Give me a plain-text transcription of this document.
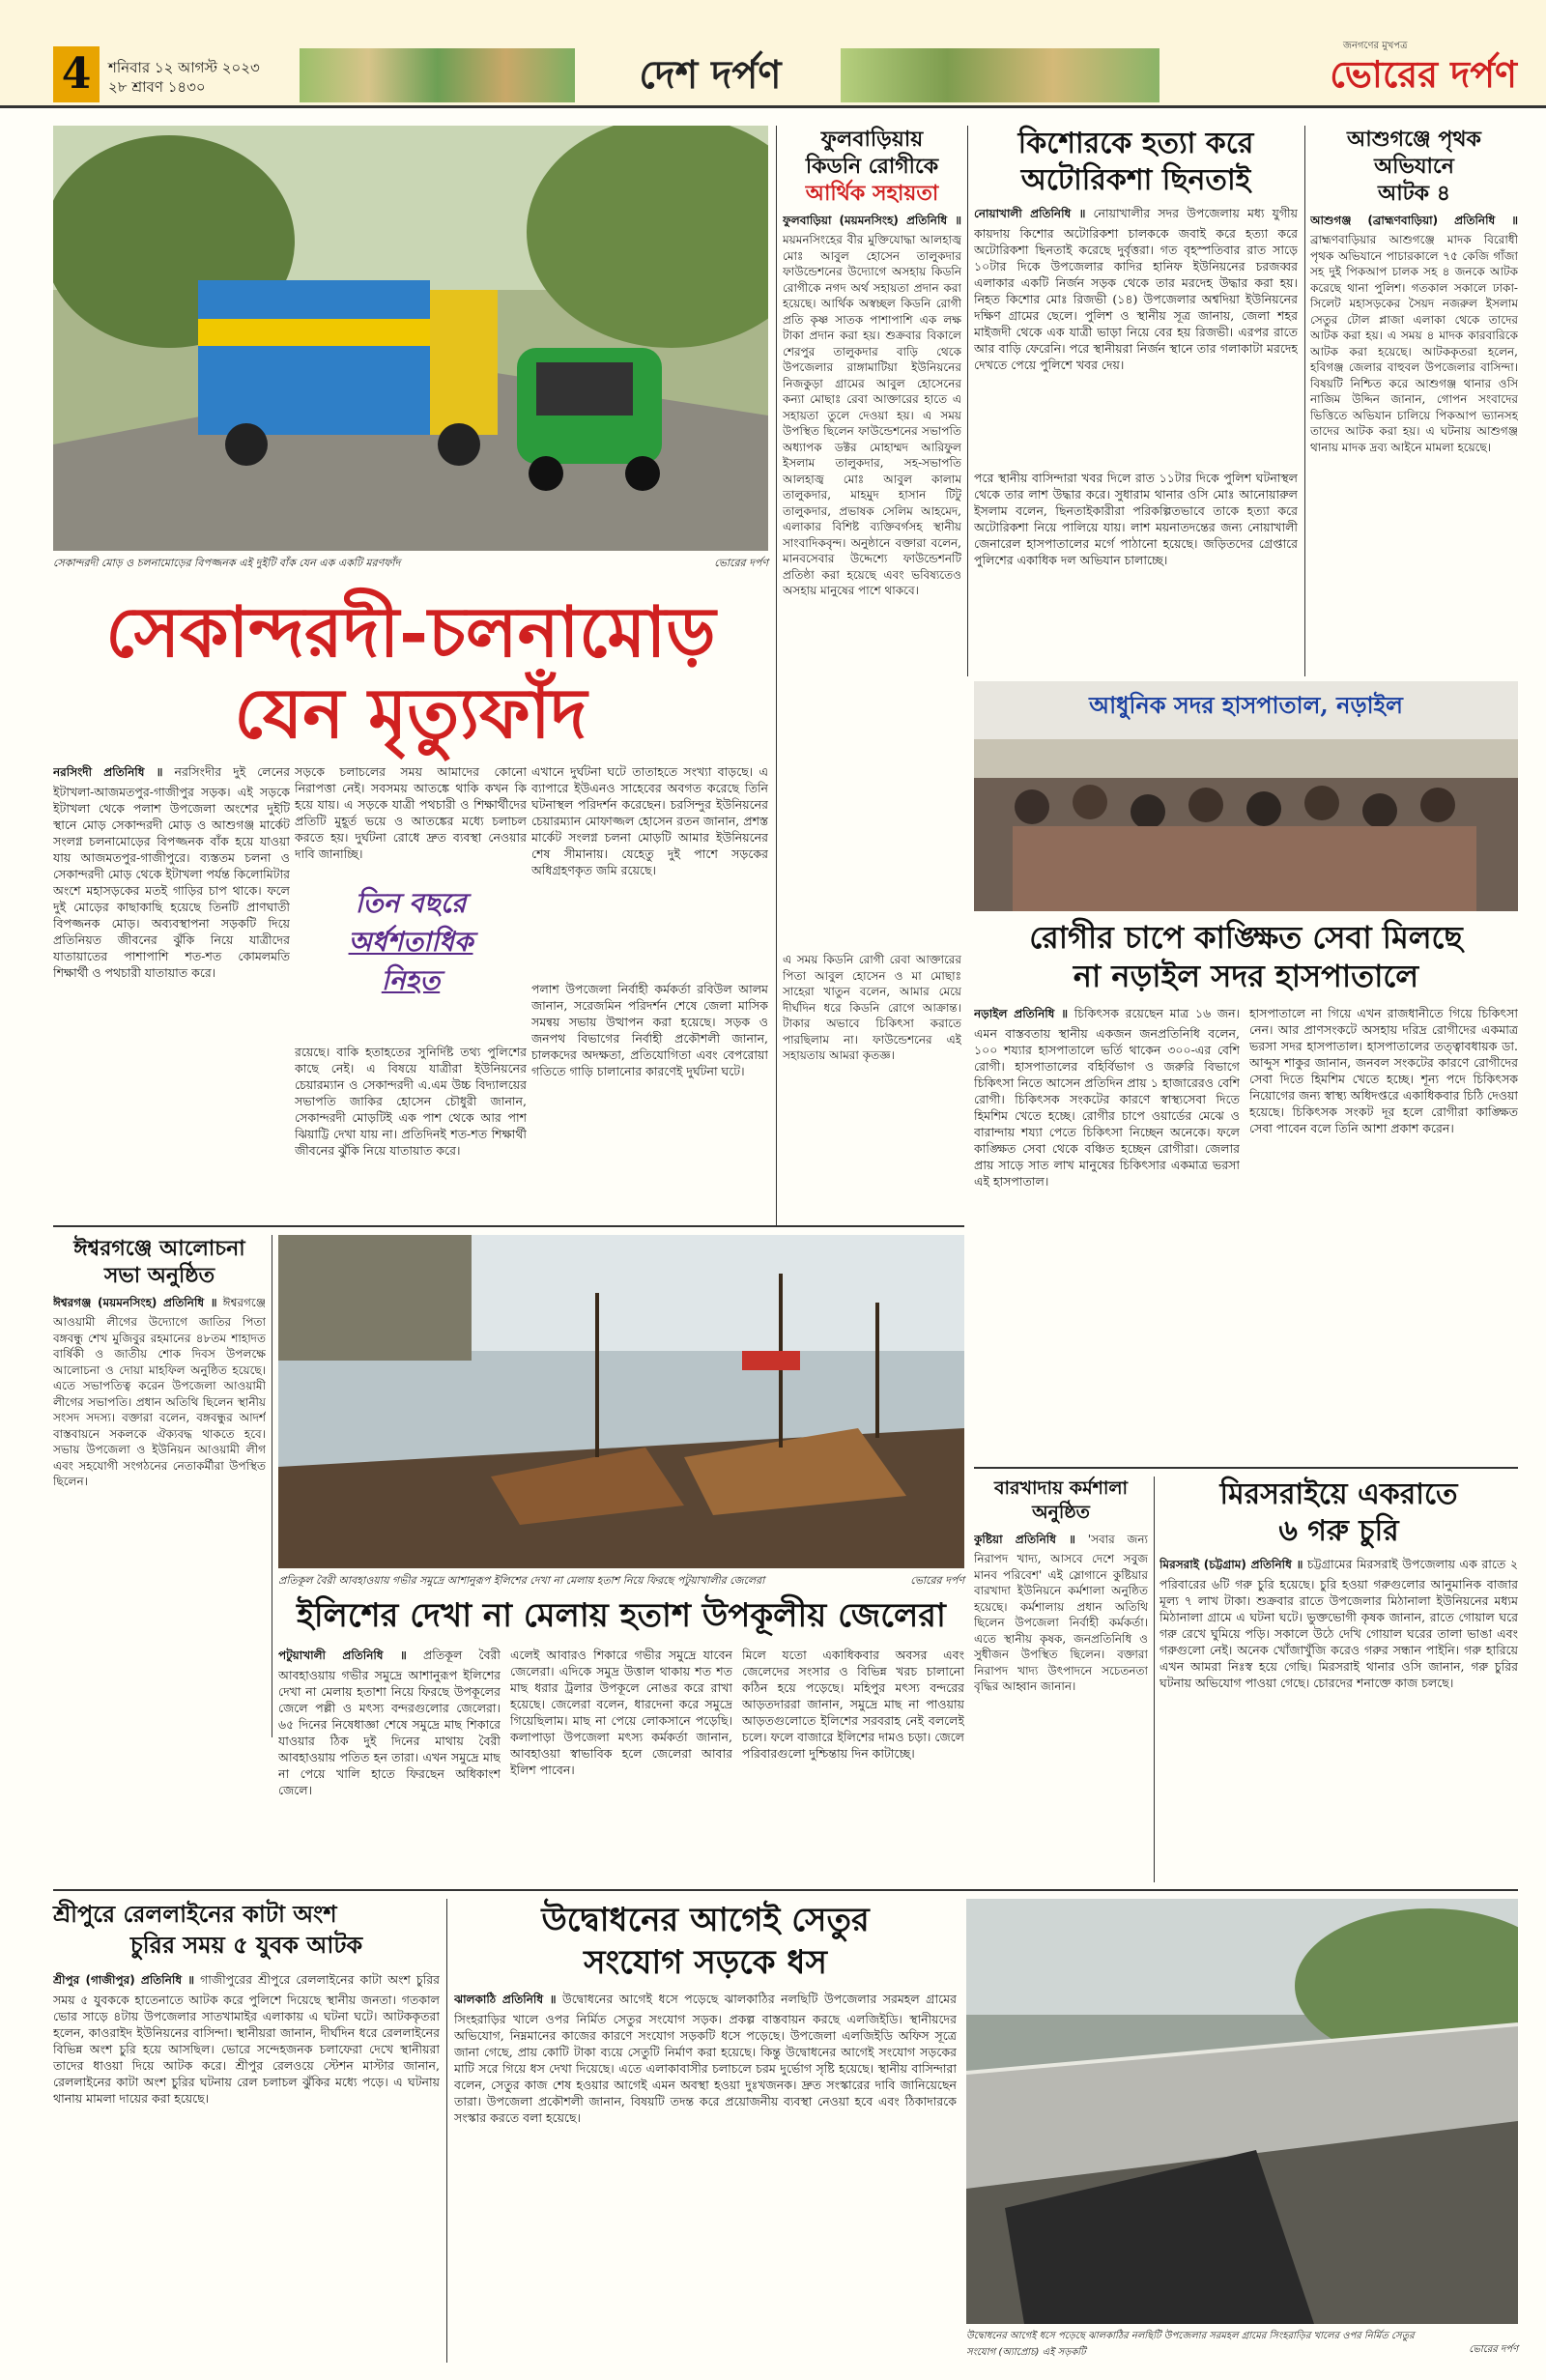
4	শনিবার ১২ আগস্ট ২০২৩
২৮ শ্রাবণ ১৪৩০	দেশ দর্পণ
জনগণের মুখপত্র
ভোরের দর্পণ
সেকান্দরদী মোড় ও চলনামোড়ের বিপজ্জনক এই দুইটি বাঁক যেন এক একটি মরণফাঁদ	ভোরের দর্পণ
সেকান্দরদী-চলনামোড়
যেন মৃত্যুফাঁদ
নরসিংদী প্রতিনিধি ॥ নরসিংদীর দুই লেনের ইটাখলা-আজমতপুর-গাজীপুর সড়ক। এই সড়কে ইটাখলা থেকে পলাশ উপজেলা অংশের দুইটি স্থানে মোড় সেকান্দরদী মোড় ও আশুগঞ্জ মার্কেট সংলগ্ন চলনামোড়ের বিপজ্জনক বাঁক হয়ে যাওয়া যায় আজমতপুর-গাজীপুরে। ব্যস্ততম চলনা ও সেকান্দরদী মোড় থেকে ইটাখলা পর্যন্ত কিলোমিটার অংশে মহাসড়কের মতই গাড়ির চাপ থাকে। ফলে দুই মোড়ের কাছাকাছি হয়েছে তিনটি প্রাণঘাতী বিপজ্জনক মোড়। অব্যবস্থাপনা সড়কটি দিয়ে প্রতিনিয়ত জীবনের ঝুঁকি নিয়ে যাত্রীদের যাতায়াতের পাশাপাশি শত-শত কোমলমতি শিক্ষার্থী ও পথচারী যাতায়াত করে।
সড়কে চলাচলের সময় আমাদের কোনো নিরাপত্তা নেই। সবসময় আতঙ্কে থাকি কখন কি হয়ে যায়। এ সড়কে যাত্রী পথচারী ও শিক্ষার্থীদের প্রতিটি মুহূর্ত ভয়ে ও আতঙ্কের মধ্যে চলাচল করতে হয়। দুর্ঘটনা রোধে দ্রুত ব্যবস্থা নেওয়ার দাবি জানাচ্ছি।
তিন বছরে
অর্ধশতাধিক
নিহত
রয়েছে। বাকি হতাহতের সুনির্দিষ্ট তথ্য পুলিশের কাছে নেই। এ বিষয়ে যাত্রীরা ইউনিয়নের চেয়ারম্যান ও সেকান্দরদী এ.এম উচ্চ বিদ্যালয়ের সভাপতি জাকির হোসেন চৌধুরী জানান, সেকান্দরদী মোড়টিই এক পাশ থেকে আর পাশ ঝিয়াট্টি দেখা যায় না। প্রতিদিনই শত-শত শিক্ষার্থী জীবনের ঝুঁকি নিয়ে যাতায়াত করে।
এখানে দুর্ঘটনা ঘটে তাতাহতে সংখ্যা বাড়ছে। এ ব্যাপারে ইউএনও সাহেবের অবগত করেছে তিনি ঘটনাস্থল পরিদর্শন করেছেন। চরসিন্দুর ইউনিয়নের চেয়ারম্যান মোফাজ্জল হোসেন রতন জানান, প্রশস্ত মার্কেট সংলগ্ন চলনা মোড়টি আমার ইউনিয়নের শেষ সীমানায়। যেহেতু দুই পাশে সড়কের অধিগ্রহণকৃত জমি রয়েছে।
পলাশ উপজেলা নির্বাহী কর্মকর্তা রবিউল আলম জানান, সরেজমিন পরিদর্শন শেষে জেলা মাসিক সমন্বয় সভায় উত্থাপন করা হয়েছে। সড়ক ও জনপথ বিভাগের নির্বাহী প্রকৌশলী জানান, চালকদের অদক্ষতা, প্রতিযোগিতা এবং বেপরোয়া গতিতে গাড়ি চালানোর কারণেই দুর্ঘটনা ঘটে।
ফুলবাড়িয়ায়
কিডনি রোগীকে
আর্থিক সহায়তা
ফুলবাড়িয়া (ময়মনসিংহ) প্রতিনিধি ॥ ময়মনসিংহের বীর মুক্তিযোদ্ধা আলহাজ্ব মোঃ আবুল হোসেন তালুকদার ফাউন্ডেশনের উদ্যোগে অসহায় কিডনি রোগীকে নগদ অর্থ সহায়তা প্রদান করা হয়েছে। আর্থিক অস্বচ্ছল কিডনি রোগী প্রতি কৃষ্ণ সাতক পাশাপাশি এক লক্ষ টাকা প্রদান করা হয়। শুক্রবার বিকালে শেরপুর তালুকদার বাড়ি থেকে উপজেলার রাঙ্গামাটিয়া ইউনিয়নের নিজকুড়া গ্রামের আবুল হোসেনের কন্যা মোছাঃ রেবা আক্তারের হাতে এ সহায়তা তুলে দেওয়া হয়। এ সময় উপস্থিত ছিলেন ফাউন্ডেশনের সভাপতি অধ্যাপক ডক্টর মোহাম্মদ আরিফুল ইসলাম তালুকদার, সহ-সভাপতি আলহাজ্ব মোঃ আবুল কালাম তালুকদার, মাহমুদ হাসান টিটু তালুকদার, প্রভাষক সেলিম আহমেদ, এলাকার বিশিষ্ট ব্যক্তিবর্গসহ স্থানীয় সাংবাদিকবৃন্দ। অনুষ্ঠানে বক্তারা বলেন, মানবসেবার উদ্দেশ্যে ফাউন্ডেশনটি প্রতিষ্ঠা করা হয়েছে এবং ভবিষ্যতেও অসহায় মানুষের পাশে থাকবে।
এ সময় কিডনি রোগী রেবা আক্তারের পিতা আবুল হোসেন ও মা মোছাঃ সাহেরা খাতুন বলেন, আমার মেয়ে দীর্ঘদিন ধরে কিডনি রোগে আক্রান্ত। টাকার অভাবে চিকিৎসা করাতে পারছিলাম না। ফাউন্ডেশনের এই সহায়তায় আমরা কৃতজ্ঞ।
কিশোরকে হত্যা করে
অটোরিকশা ছিনতাই
নোয়াখালী প্রতিনিধি ॥ নোয়াখালীর সদর উপজেলায় মধ্য যুগীয় কায়দায় কিশোর অটোরিকশা চালককে জবাই করে হত্যা করে অটোরিকশা ছিনতাই করেছে দুর্বৃত্তরা। গত বৃহস্পতিবার রাত সাড়ে ১০টার দিকে উপজেলার কাদির হানিফ ইউনিয়নের চরজব্বর এলাকার একটি নির্জন সড়ক থেকে তার মরদেহ উদ্ধার করা হয়। নিহত কিশোর মোঃ রিজভী (১৪) উপজেলার অশ্বদিয়া ইউনিয়নের দক্ষিণ গ্রামের ছেলে। পুলিশ ও স্থানীয় সূত্র জানায়, জেলা শহর মাইজদী থেকে এক যাত্রী ভাড়া নিয়ে বের হয় রিজভী। এরপর রাতে আর বাড়ি ফেরেনি। পরে স্থানীয়রা নির্জন স্থানে তার গলাকাটা মরদেহ দেখতে পেয়ে পুলিশে খবর দেয়।
পরে স্থানীয় বাসিন্দারা খবর দিলে রাত ১১টার দিকে পুলিশ ঘটনাস্থল থেকে তার লাশ উদ্ধার করে। সুধারাম থানার ওসি মোঃ আনোয়ারুল ইসলাম বলেন, ছিনতাইকারীরা পরিকল্পিতভাবে তাকে হত্যা করে অটোরিকশা নিয়ে পালিয়ে যায়। লাশ ময়নাতদন্তের জন্য নোয়াখালী জেনারেল হাসপাতালের মর্গে পাঠানো হয়েছে। জড়িতদের গ্রেপ্তারে পুলিশের একাধিক দল অভিযান চালাচ্ছে।
আশুগঞ্জে পৃথক
অভিযানে
আটক ৪
আশুগঞ্জ (ব্রাহ্মণবাড়িয়া) প্রতিনিধি ॥ ব্রাহ্মণবাড়িয়ার আশুগঞ্জে মাদক বিরোধী পৃথক অভিযানে পাচারকালে ৭৫ কেজি গাঁজা সহ দুই পিকআপ চালক সহ ৪ জনকে আটক করেছে থানা পুলিশ। গতকাল সকালে ঢাকা-সিলেট মহাসড়কের সৈয়দ নজরুল ইসলাম সেতুর টোল প্লাজা এলাকা থেকে তাদের আটক করা হয়। এ সময় ৪ মাদক কারবারিকে আটক করা হয়েছে। আটককৃতরা হলেন, হবিগঞ্জ জেলার বাহুবল উপজেলার বাসিন্দা। বিষয়টি নিশ্চিত করে আশুগঞ্জ থানার ওসি নাজিম উদ্দিন জানান, গোপন সংবাদের ভিত্তিতে অভিযান চালিয়ে পিকআপ ভ্যানসহ তাদের আটক করা হয়। এ ঘটনায় আশুগঞ্জ থানায় মাদক দ্রব্য আইনে মামলা হয়েছে।
আধুনিক সদর হাসপাতাল, নড়াইল
রোগীর চাপে কাঙ্ক্ষিত সেবা মিলছে
না নড়াইল সদর হাসপাতালে
নড়াইল প্রতিনিধি ॥ চিকিৎসক রয়েছেন মাত্র ১৬ জন। এমন বাস্তবতায় স্থানীয় একজন জনপ্রতিনিধি বলেন, ১০০ শয্যার হাসপাতালে ভর্তি থাকেন ৩০০-এর বেশি রোগী। হাসপাতালের বহির্বিভাগ ও জরুরি বিভাগে চিকিৎসা নিতে আসেন প্রতিদিন প্রায় ১ হাজারেরও বেশি রোগী। চিকিৎসক সংকটের কারণে স্বাস্থ্যসেবা দিতে হিমশিম খেতে হচ্ছে। রোগীর চাপে ওয়ার্ডের মেঝে ও বারান্দায় শয্যা পেতে চিকিৎসা নিচ্ছেন অনেকে। ফলে কাঙ্ক্ষিত সেবা থেকে বঞ্চিত হচ্ছেন রোগীরা। জেলার প্রায় সাড়ে সাত লাখ মানুষের চিকিৎসার একমাত্র ভরসা এই হাসপাতাল।
হাসপাতালে না গিয়ে এখন রাজধানীতে গিয়ে চিকিৎসা নেন। আর প্রাণসংকটে অসহায় দরিদ্র রোগীদের একমাত্র ভরসা সদর হাসপাতাল। হাসপাতালের তত্ত্বাবধায়ক ডা. আব্দুস শাকুর জানান, জনবল সংকটের কারণে রোগীদের সেবা দিতে হিমশিম খেতে হচ্ছে। শূন্য পদে চিকিৎসক নিয়োগের জন্য স্বাস্থ্য অধিদপ্তরে একাধিকবার চিঠি দেওয়া হয়েছে। চিকিৎসক সংকট দূর হলে রোগীরা কাঙ্ক্ষিত সেবা পাবেন বলে তিনি আশা প্রকাশ করেন।
ঈশ্বরগঞ্জে আলোচনা
সভা অনুষ্ঠিত
ঈশ্বরগঞ্জ (ময়মনসিংহ) প্রতিনিধি ॥ ঈশ্বরগঞ্জে আওয়ামী লীগের উদ্যোগে জাতির পিতা বঙ্গবন্ধু শেখ মুজিবুর রহমানের ৪৮তম শাহাদত বার্ষিকী ও জাতীয় শোক দিবস উপলক্ষে আলোচনা ও দোয়া মাহফিল অনুষ্ঠিত হয়েছে। এতে সভাপতিত্ব করেন উপজেলা আওয়ামী লীগের সভাপতি। প্রধান অতিথি ছিলেন স্থানীয় সংসদ সদস্য। বক্তারা বলেন, বঙ্গবন্ধুর আদর্শ বাস্তবায়নে সকলকে ঐক্যবদ্ধ থাকতে হবে। সভায় উপজেলা ও ইউনিয়ন আওয়ামী লীগ এবং সহযোগী সংগঠনের নেতাকর্মীরা উপস্থিত ছিলেন।
প্রতিকূল বৈরী আবহাওয়ায় গভীর সমুদ্রে আশানুরূপ ইলিশের দেখা না মেলায় হতাশ নিয়ে ফিরছে পটুয়াখালীর জেলেরা	ভোরের দর্পণ
ইলিশের দেখা না মেলায় হতাশ উপকূলীয় জেলেরা
পটুয়াখালী প্রতিনিধি ॥ প্রতিকূল বৈরী আবহাওয়ায় গভীর সমুদ্রে আশানুরূপ ইলিশের দেখা না মেলায় হতাশা নিয়ে ফিরছে উপকূলের জেলে পল্লী ও মৎস্য বন্দরগুলোর জেলেরা। ৬৫ দিনের নিষেধাজ্ঞা শেষে সমুদ্রে মাছ শিকারে যাওয়ার ঠিক দুই দিনের মাথায় বৈরী আবহাওয়ায় পতিত হন তারা। এখন সমুদ্রে মাছ না পেয়ে খালি হাতে ফিরছেন অধিকাংশ জেলে।
এলেই আবারও শিকারে গভীর সমুদ্রে যাবেন জেলেরা। এদিকে সমুদ্র উত্তাল থাকায় শত শত মাছ ধরার ট্রলার উপকূলে নোঙর করে রাখা হয়েছে। জেলেরা বলেন, ধারদেনা করে সমুদ্রে গিয়েছিলাম। মাছ না পেয়ে লোকসানে পড়েছি। কলাপাড়া উপজেলা মৎস্য কর্মকর্তা জানান, আবহাওয়া স্বাভাবিক হলে জেলেরা আবার ইলিশ পাবেন।
মিলে যতো একাধিকবার অবসর এবং জেলেদের সংসার ও বিভিন্ন খরচ চালানো কঠিন হয়ে পড়েছে। মহিপুর মৎস্য বন্দরের আড়তদাররা জানান, সমুদ্রে মাছ না পাওয়ায় আড়তগুলোতে ইলিশের সরবরাহ নেই বললেই চলে। ফলে বাজারে ইলিশের দামও চড়া। জেলে পরিবারগুলো দুশ্চিন্তায় দিন কাটাচ্ছে।
বারখাদায় কর্মশালা
অনুষ্ঠিত
কুষ্টিয়া প্রতিনিধি ॥ 'সবার জন্য নিরাপদ খাদ্য, আসবে দেশে সবুজ মানব পরিবেশ' এই স্লোগানে কুষ্টিয়ার বারখাদা ইউনিয়নে কর্মশালা অনুষ্ঠিত হয়েছে। কর্মশালায় প্রধান অতিথি ছিলেন উপজেলা নির্বাহী কর্মকর্তা। এতে স্থানীয় কৃষক, জনপ্রতিনিধি ও সুধীজন উপস্থিত ছিলেন। বক্তারা নিরাপদ খাদ্য উৎপাদনে সচেতনতা বৃদ্ধির আহ্বান জানান।
মিরসরাইয়ে একরাতে
৬ গরু চুরি
মিরসরাই (চট্টগ্রাম) প্রতিনিধি ॥ চট্টগ্রামের মিরসরাই উপজেলায় এক রাতে ২ পরিবারের ৬টি গরু চুরি হয়েছে। চুরি হওয়া গরুগুলোর আনুমানিক বাজার মূল্য ৭ লাখ টাকা। শুক্রবার রাতে উপজেলার মিঠানালা ইউনিয়নের মধ্যম মিঠানালা গ্রামে এ ঘটনা ঘটে। ভুক্তভোগী কৃষক জানান, রাতে গোয়াল ঘরে গরু রেখে ঘুমিয়ে পড়ি। সকালে উঠে দেখি গোয়াল ঘরের তালা ভাঙা এবং গরুগুলো নেই। অনেক খোঁজাখুঁজি করেও গরুর সন্ধান পাইনি। গরু হারিয়ে এখন আমরা নিঃস্ব হয়ে গেছি। মিরসরাই থানার ওসি জানান, গরু চুরির ঘটনায় অভিযোগ পাওয়া গেছে। চোরদের শনাক্তে কাজ চলছে।
শ্রীপুরে রেললাইনের কাটা অংশ
চুরির সময় ৫ যুবক আটক
শ্রীপুর (গাজীপুর) প্রতিনিধি ॥ গাজীপুরের শ্রীপুরে রেললাইনের কাটা অংশ চুরির সময় ৫ যুবককে হাতেনাতে আটক করে পুলিশে দিয়েছে স্থানীয় জনতা। গতকাল ভোর সাড়ে ৪টায় উপজেলার সাতখামাইর এলাকায় এ ঘটনা ঘটে। আটককৃতরা হলেন, কাওরাইদ ইউনিয়নের বাসিন্দা। স্থানীয়রা জানান, দীর্ঘদিন ধরে রেললাইনের বিভিন্ন অংশ চুরি হয়ে আসছিল। ভোরে সন্দেহজনক চলাফেরা দেখে স্থানীয়রা তাদের ধাওয়া দিয়ে আটক করে। শ্রীপুর রেলওয়ে স্টেশন মাস্টার জানান, রেললাইনের কাটা অংশ চুরির ঘটনায় রেল চলাচল ঝুঁকির মধ্যে পড়ে। এ ঘটনায় থানায় মামলা দায়ের করা হয়েছে।
উদ্বোধনের আগেই সেতুর
সংযোগ সড়কে ধস
ঝালকাঠি প্রতিনিধি ॥ উদ্বোধনের আগেই ধসে পড়েছে ঝালকাঠির নলছিটি উপজেলার সরমহল গ্রামের সিংহরাড়ির খালে ওপর নির্মিত সেতুর সংযোগ সড়ক। প্রকল্প বাস্তবায়ন করছে এলজিইডি। স্থানীয়দের অভিযোগ, নিম্নমানের কাজের কারণে সংযোগ সড়কটি ধসে পড়েছে। উপজেলা এলজিইডি অফিস সূত্রে জানা গেছে, প্রায় কোটি টাকা ব্যয়ে সেতুটি নির্মাণ করা হয়েছে। কিন্তু উদ্বোধনের আগেই সংযোগ সড়কের মাটি সরে গিয়ে ধস দেখা দিয়েছে। এতে এলাকাবাসীর চলাচলে চরম দুর্ভোগ সৃষ্টি হয়েছে। স্থানীয় বাসিন্দারা বলেন, সেতুর কাজ শেষ হওয়ার আগেই এমন অবস্থা হওয়া দুঃখজনক। দ্রুত সংস্কারের দাবি জানিয়েছেন তারা। উপজেলা প্রকৌশলী জানান, বিষয়টি তদন্ত করে প্রয়োজনীয় ব্যবস্থা নেওয়া হবে এবং ঠিকাদারকে সংস্কার করতে বলা হয়েছে।
উদ্বোধনের আগেই ধসে পড়েছে ঝালকাঠির নলছিটি উপজেলার সরমহল গ্রামের সিংহরাড়ির খালের ওপর নির্মিত সেতুর সংযোগ (অ্যাপ্রোচ) এই সড়কটি	ভোরের দর্পণ
